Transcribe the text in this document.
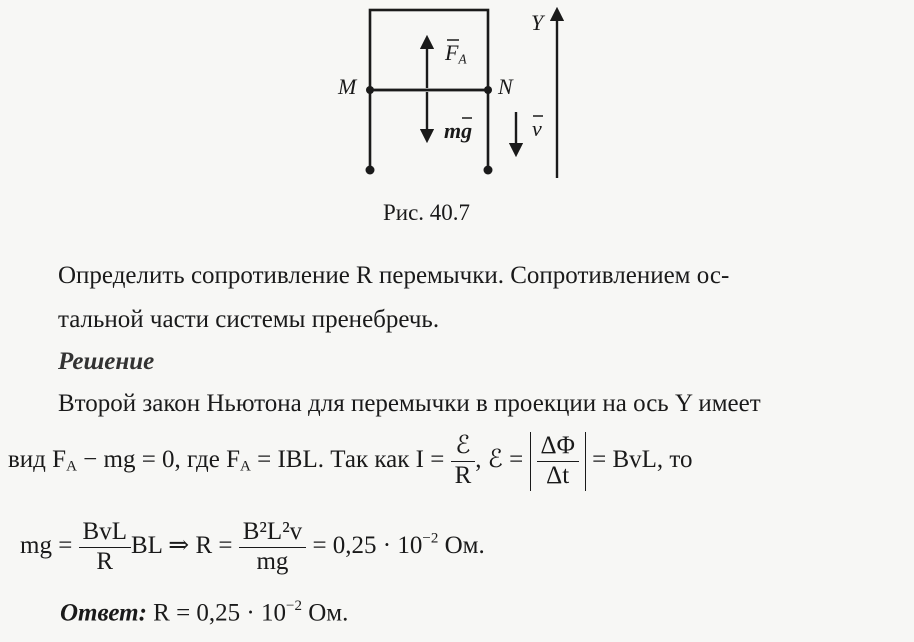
Y
M	N
$F_A$
mg	v
Рис. 40.7
Определить сопротивление R перемычки. Сопротивлением ос-
тальной части системы пренебречь.
Решение
Второй закон Ньютона для перемычки в проекции на ось Y имеет
вид $F_A$ − mg = 0, где $F_A$ = IBL. Так как $I = \frac{\text{ℰ}}{R}$ , ℰ = $\frac{\Delta\Phi}{\Delta t}$ = BvL, то
mg = $\frac{\text{BvL}}{R}$ BL ⇒ $R = \frac{\text{B²L²v}}{mg} = 0,25 \cdot 10^{-2}$ Ом.
Ответ: $R = 0,25 \cdot 10^{-2}$ Ом.
